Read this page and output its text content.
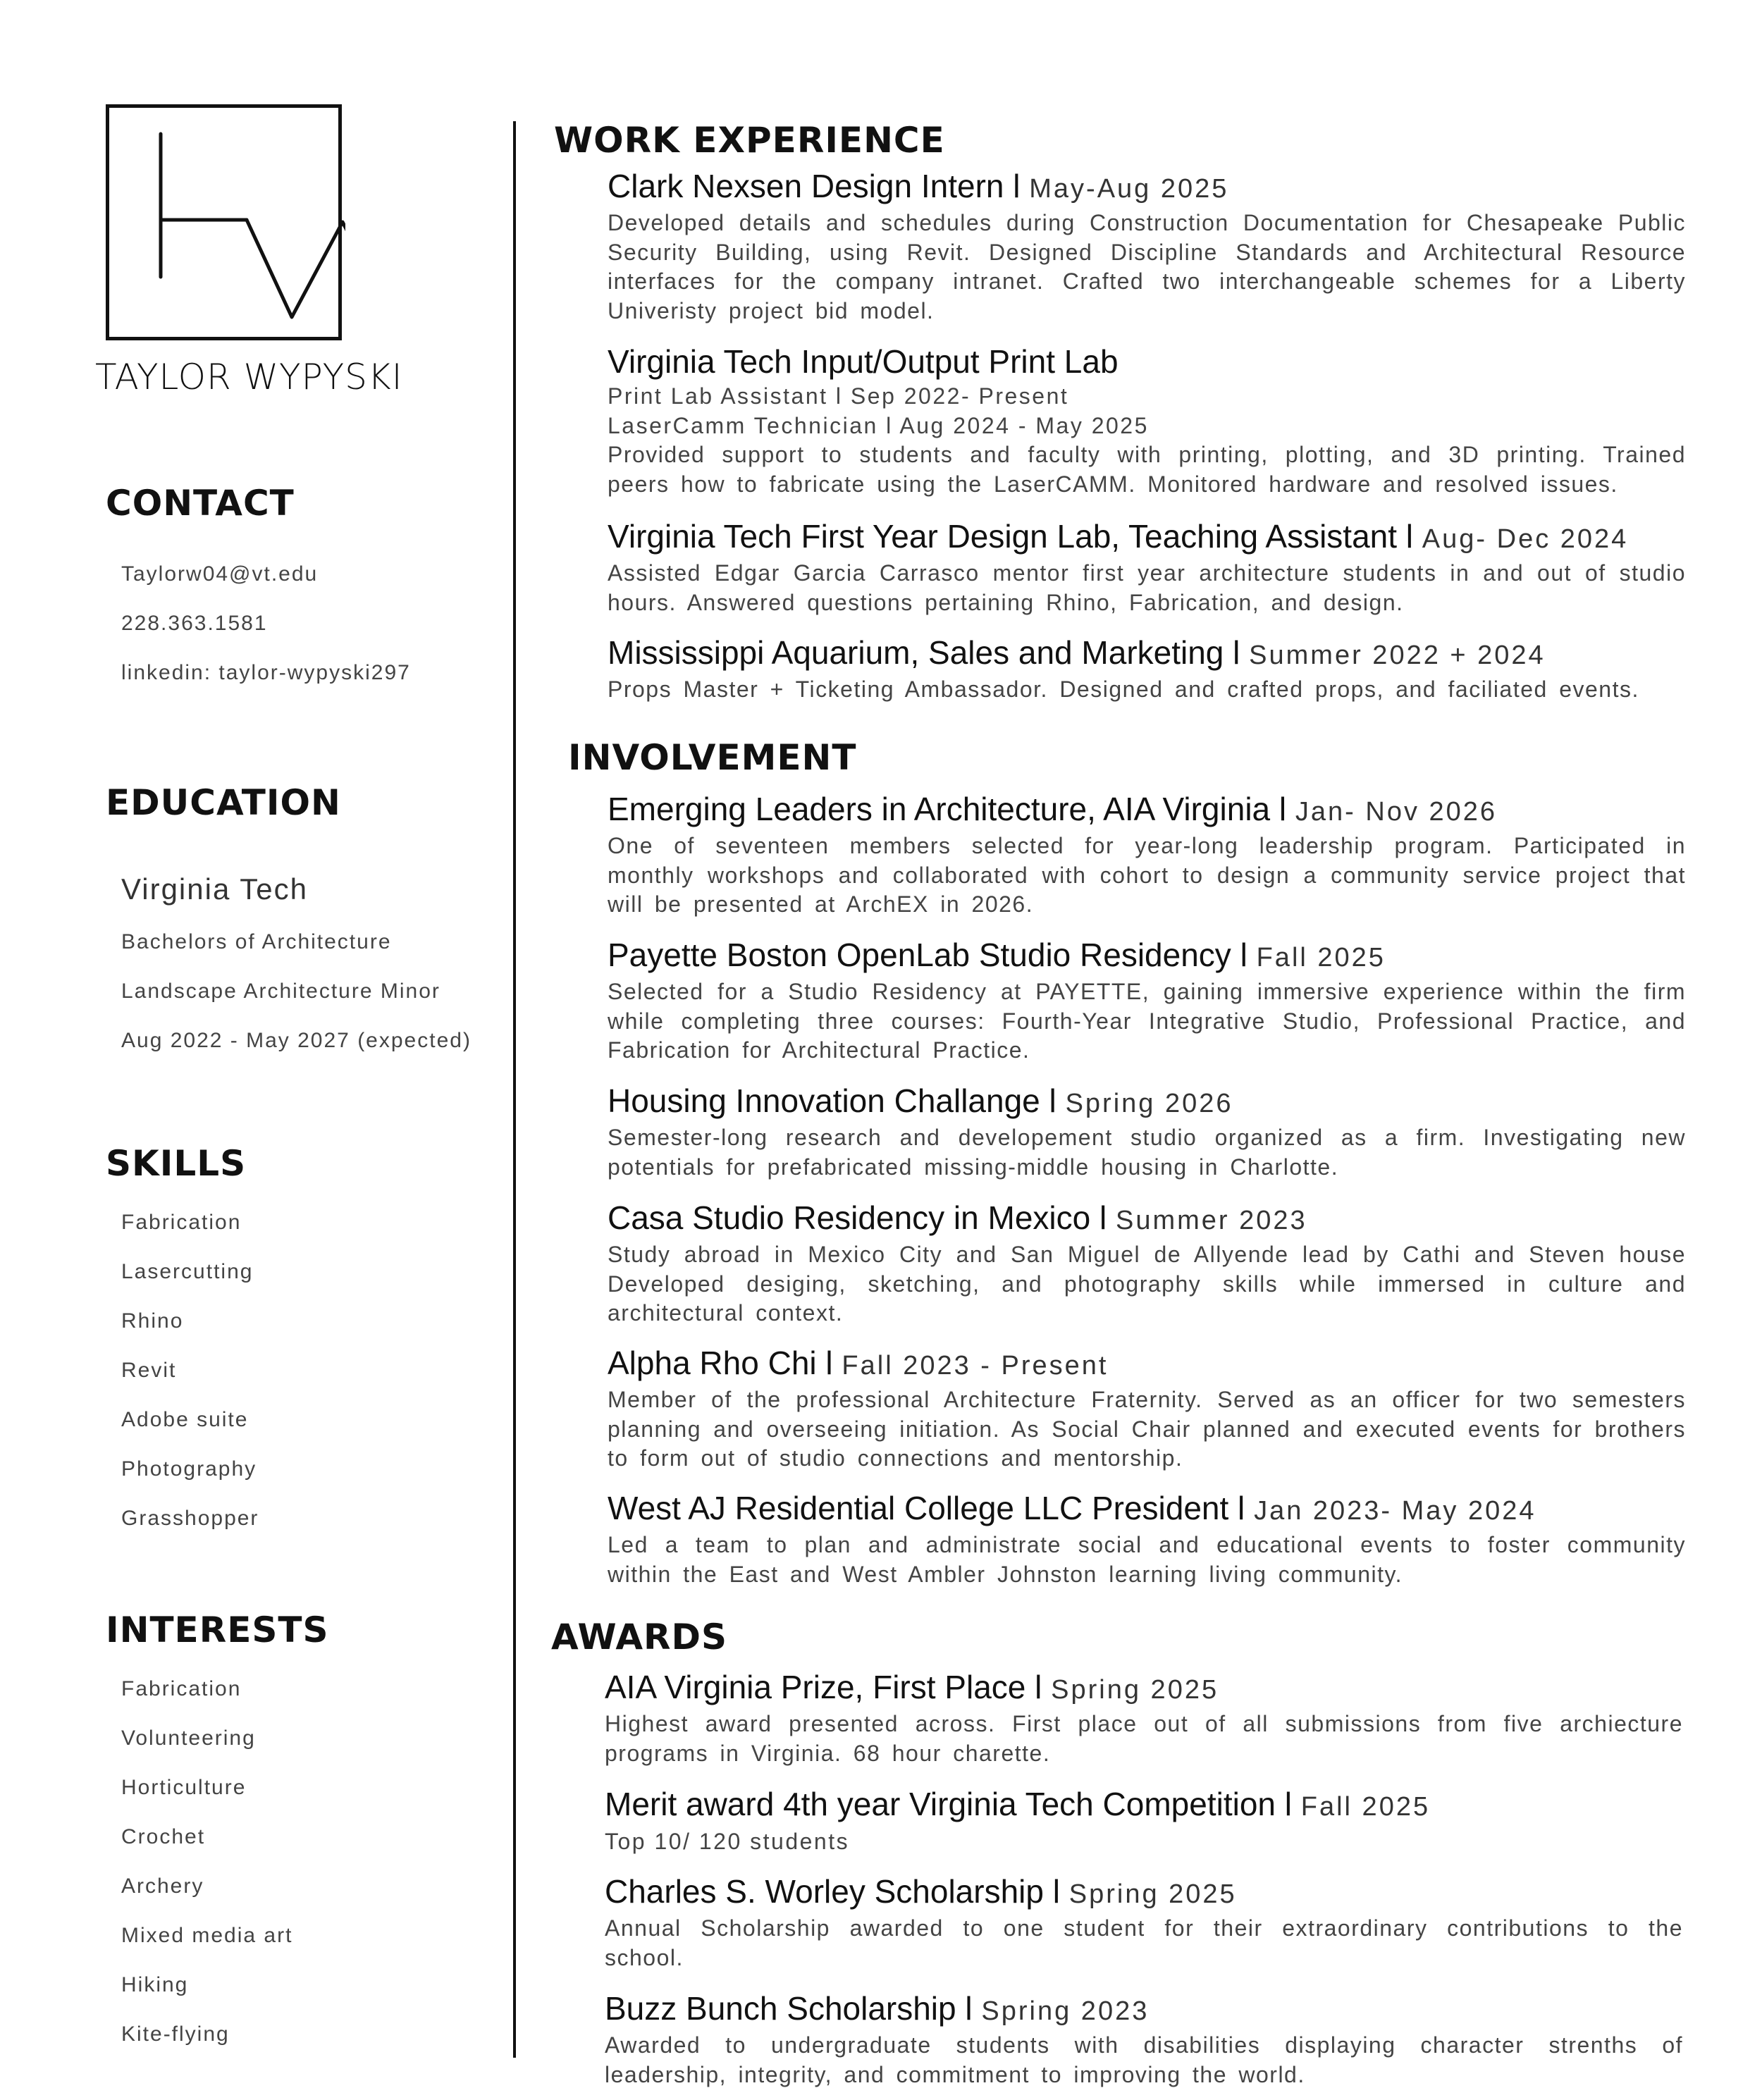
TAYLOR WYPYSKI
CONTACT
Taylorw04@vt.edu
228.363.1581
linkedin: taylor-wypyski297
EDUCATION
Virginia Tech
Bachelors of Architecture
Landscape Architecture Minor
Aug 2022 - May 2027 (expected)
SKILLS
Fabrication
Lasercutting
Rhino
Revit
Adobe suite
Photography
Grasshopper
INTERESTS
Fabrication
Volunteering
Horticulture
Crochet
Archery
Mixed media art
Hiking
Kite-flying
WORK EXPERIENCE
Clark Nexsen Design Intern l May-Aug 2025
Developed details and schedules during Construction Documentation for Chesapeake Public Security Building, using Revit. Designed Discipline Standards and Architectural Resource interfaces for the company intranet. Crafted two interchangeable schemes for a Liberty Univeristy project bid model.
Virginia Tech Input/Output Print Lab
Print Lab Assistant l Sep 2022- Present
LaserCamm Technician l Aug 2024 - May 2025
Provided support to students and faculty with printing, plotting, and 3D printing. Trained peers how to fabricate using the LaserCAMM. Monitored hardware and resolved issues.
Virginia Tech First Year Design Lab, Teaching Assistant l Aug- Dec 2024
Assisted Edgar Garcia Carrasco mentor first year architecture students in and out of studio hours. Answered questions pertaining Rhino, Fabrication, and design.
Mississippi Aquarium, Sales and Marketing l Summer 2022 + 2024
Props Master + Ticketing Ambassador. Designed and crafted props, and faciliated events.
INVOLVEMENT
Emerging Leaders in Architecture, AIA Virginia l Jan- Nov 2026
One of seventeen members selected for year-long leadership program. Participated in monthly workshops and collaborated with cohort to design a community service project that will be presented at ArchEX in 2026.
Payette Boston OpenLab Studio Residency l Fall 2025
Selected for a Studio Residency at PAYETTE, gaining immersive experience within the firm while completing three courses: Fourth-Year Integrative Studio, Professional Practice, and Fabrication for Architectural Practice.
Housing Innovation Challange l Spring 2026
Semester-long research and developement studio organized as a firm. Investigating new potentials for prefabricated missing-middle housing in Charlotte.
Casa Studio Residency in Mexico l Summer 2023
Study abroad in Mexico City and San Miguel de Allyende lead by Cathi and Steven house Developed desiging, sketching, and photography skills while immersed in culture and architectural context.
Alpha Rho Chi l Fall 2023 - Present
Member of the professional Architecture Fraternity. Served as an officer for two semesters planning and overseeing initiation. As Social Chair planned and executed events for brothers to form out of studio connections and mentorship.
West AJ Residential College LLC President l Jan 2023- May 2024
Led a team to plan and administrate social and educational events to foster community within the East and West Ambler Johnston learning living community.
AWARDS
AIA Virginia Prize, First Place l Spring 2025
Highest award presented across. First place out of all submissions from five archiecture programs in Virginia. 68 hour charette.
Merit award 4th year Virginia Tech Competition l Fall 2025
Top 10/ 120 students
Charles S. Worley Scholarship l Spring 2025
Annual Scholarship awarded to one student for their extraordinary contributions to the school.
Buzz Bunch Scholarship l Spring 2023
Awarded to undergraduate students with disabilities displaying character strenths of leadership, integrity, and commitment to improving the world.
